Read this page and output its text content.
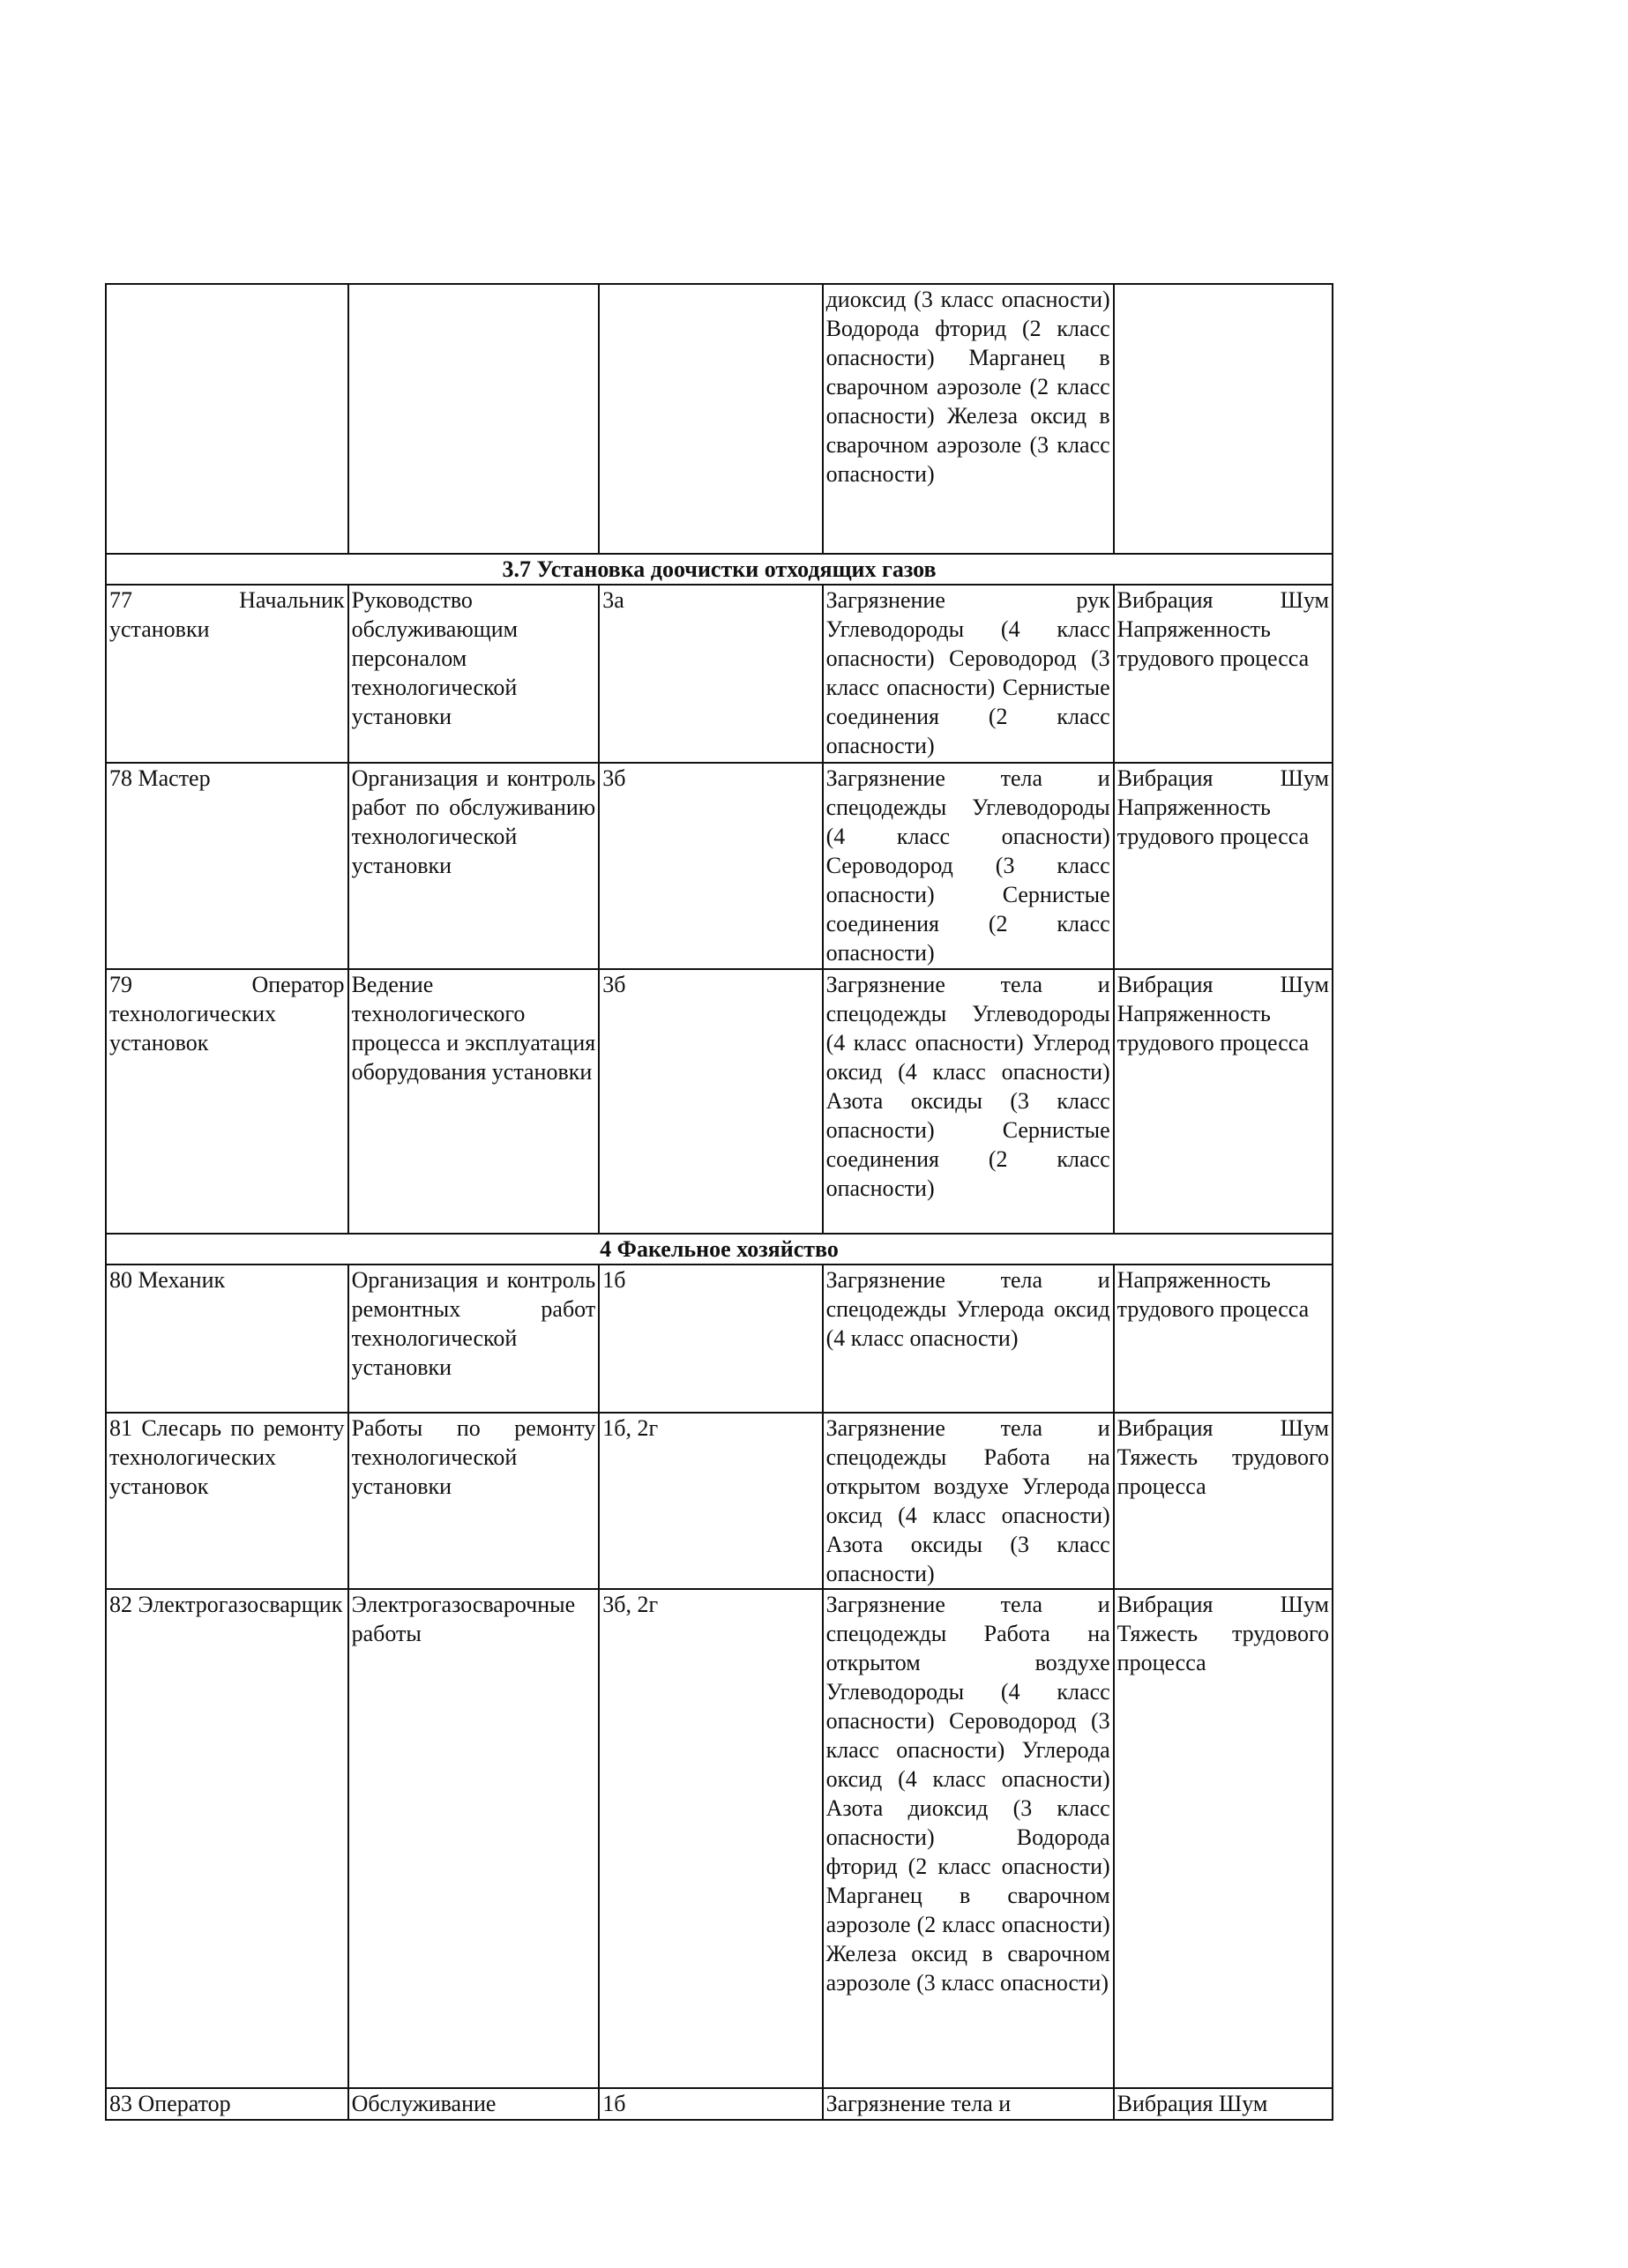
			диоксид (3 класс опасности) Водорода фторид (2 класс опасности) Марганец в сварочном аэрозоле (2 класс опасности) Железа оксид в сварочном аэрозоле (3 класс опасности)	
3.7 Установка доочистки отходящих газов				
77 Начальник установки	Руководство обслуживающим персоналом технологической установки	3а	Загрязнение рук Углеводороды (4 класс опасности) Сероводород (3 класс опасности) Сернистые соединения (2 класс опасности)	Вибрация Шум Напряженность трудового процесса
78 Мастер	Организация и контроль работ по обслуживанию технологической установки	3б	Загрязнение тела и спецодежды Углеводороды (4 класс опасности) Сероводород (3 класс опасности) Сернистые соединения (2 класс опасности)	Вибрация Шум Напряженность трудового процесса
79 Оператор технологических установок	Ведение технологического процесса и эксплуатация оборудования установки	3б	Загрязнение тела и спецодежды Углеводороды (4 класс опасности) Углерод оксид (4 класс опасности) Азота оксиды (3 класс опасности) Сернистые соединения (2 класс опасности)	Вибрация Шум Напряженность трудового процесса
4 Факельное хозяйство				
80 Механик	Организация и контроль ремонтных работ технологической установки	1б	Загрязнение тела и спецодежды Углерода оксид (4 класс опасности)	Напряженность трудового процесса
81 Слесарь по ремонту технологических установок	Работы по ремонту технологической установки	1б, 2г	Загрязнение тела и спецодежды Работа на открытом воздухе Углерода оксид (4 класс опасности) Азота оксиды (3 класс опасности)	Вибрация Шум Тяжесть трудового процесса
82 Электрогазосварщик	Электрогазосварочные работы	3б, 2г	Загрязнение тела и спецодежды Работа на открытом воздухе Углеводороды (4 класс опасности) Сероводород (3 класс опасности) Углерода оксид (4 класс опасности) Азота диоксид (3 класс опасности) Водорода фторид (2 класс опасности) Марганец в сварочном аэрозоле (2 класс опасности) Железа оксид в сварочном аэрозоле (3 класс опасности)	Вибрация Шум Тяжесть трудового процесса
83 Оператор	Обслуживание	1б	Загрязнение тела и	Вибрация Шум
